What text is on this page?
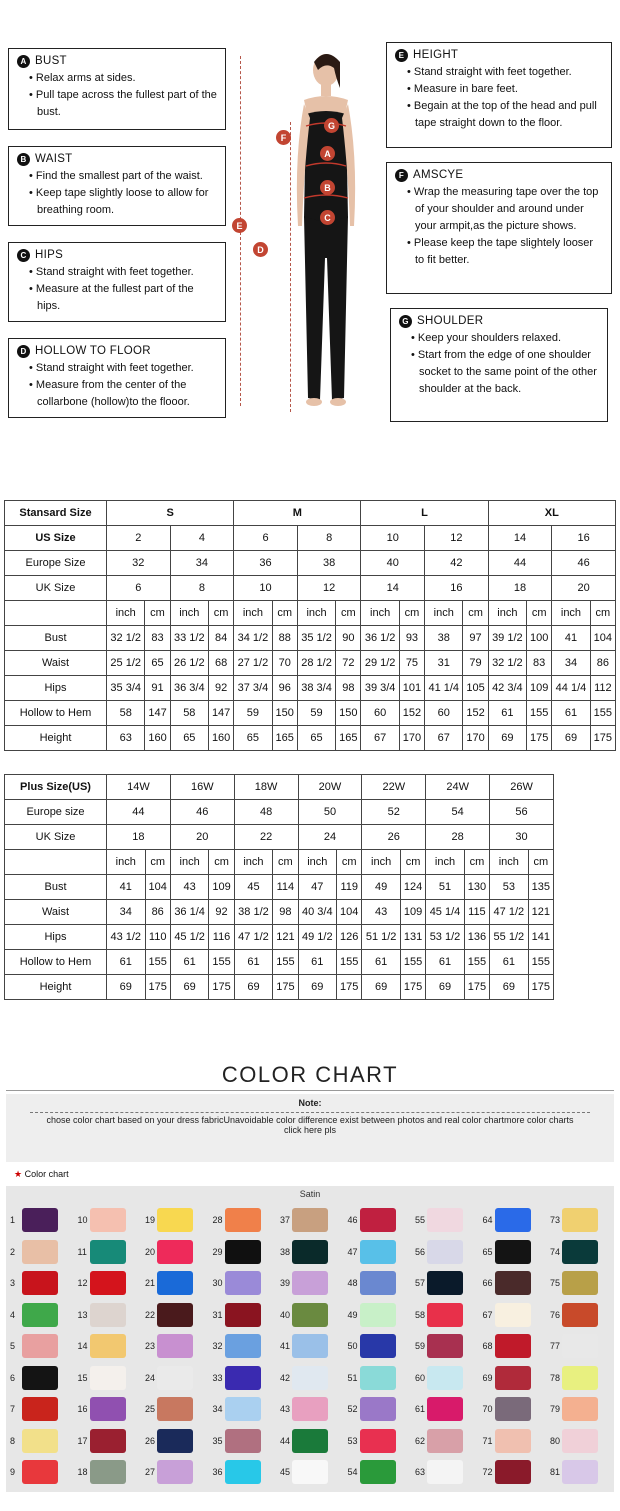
A BUST
• Relax arms at sides.
• Pull tape across the fullest part of the bust.
B WAIST
• Find the smallest part of the waist.
• Keep tape slightly loose to allow for breathing room.
C HIPS
• Stand straight with feet together.
• Measure at the fullest part of the hips.
D HOLLOW TO FLOOR
• Stand straight with feet together.
• Measure from the center of the collarbone (hollow)to the flooor.
E HEIGHT
• Stand straight with feet together.
• Measure in bare feet.
• Begain at the top of the head and pull tape straight down to the floor.
F AMSCYE
• Wrap the measuring tape over the top of your shoulder and around under your armpit,as the picture shows.
• Please keep the tape slightely looser to fit better.
G SHOULDER
• Keep your shoulders relaxed.
• Start from the edge of one shoulder socket to the same point of the other shoulder at the back.
A
B
C
D
E
F
G
Stansard Size	S				M				L				XL			
US Size	2		4		6		8		10		12		14		16	
Europe Size	32		34		36		38		40		42		44		46	
UK Size	6		8		10		12		14		16		18		20	
	inch	cm	inch	cm	inch	cm	inch	cm	inch	cm	inch	cm	inch	cm	inch	cm
Bust	32 1/2	83	33 1/2	84	34 1/2	88	35 1/2	90	36 1/2	93	38	97	39 1/2	100	41	104
Waist	25 1/2	65	26 1/2	68	27 1/2	70	28 1/2	72	29 1/2	75	31	79	32 1/2	83	34	86
Hips	35 3/4	91	36 3/4	92	37 3/4	96	38 3/4	98	39 3/4	101	41 1/4	105	42 3/4	109	44 1/4	112
Hollow to Hem	58	147	58	147	59	150	59	150	60	152	60	152	61	155	61	155
Height	63	160	65	160	65	165	65	165	67	170	67	170	69	175	69	175
Plus Size(US)	14W		16W		18W		20W		22W		24W		26W	
Europe size	44		46		48		50		52		54		56	
UK Size	18		20		22		24		26		28		30	
	inch	cm	inch	cm	inch	cm	inch	cm	inch	cm	inch	cm	inch	cm
Bust	41	104	43	109	45	114	47	119	49	124	51	130	53	135
Waist	34	86	36 1/4	92	38 1/2	98	40 3/4	104	43	109	45 1/4	115	47 1/2	121
Hips	43 1/2	110	45 1/2	116	47 1/2	121	49 1/2	126	51 1/2	131	53 1/2	136	55 1/2	141
Hollow to Hem	61	155	61	155	61	155	61	155	61	155	61	155	61	155
Height	69	175	69	175	69	175	69	175	69	175	69	175	69	175
COLOR CHART
Note:
chose color chart based on your dress fabricUnavoidable color difference exist between photos and real color chartmore color charts
click here pls
★ Color chart
Satin
1
2
3
4
5
6
7
8
9
10
11
12
13
14
15
16
17
18
19
20
21
22
23
24
25
26
27
28
29
30
31
32
33
34
35
36
37
38
39
40
41
42
43
44
45
46
47
48
49
50
51
52
53
54
55
56
57
58
59
60
61
62
63
64
65
66
67
68
69
70
71
72
73
74
75
76
77
78
79
80
81
